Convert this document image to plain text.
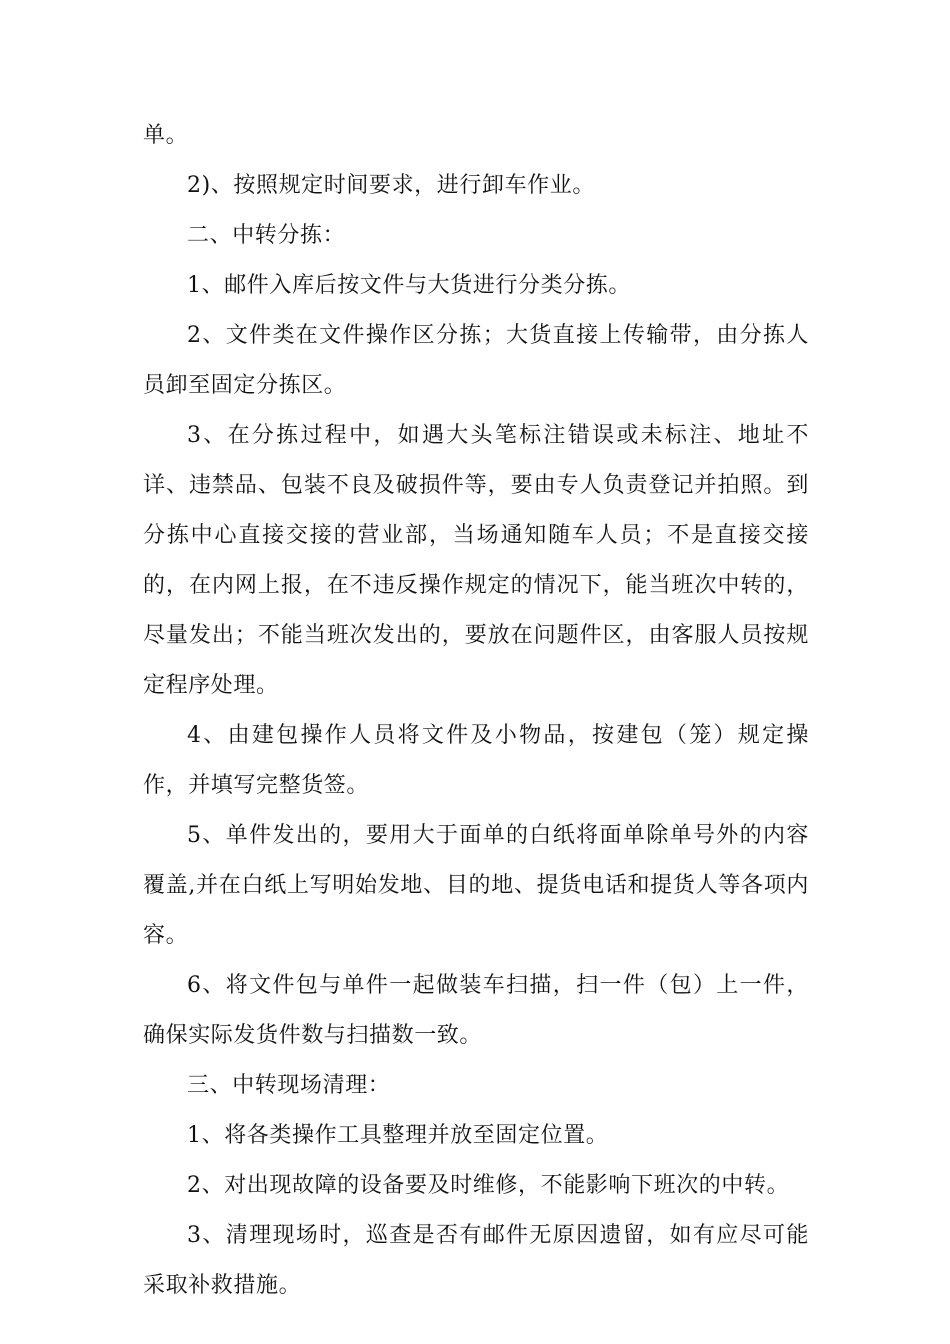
单。

2)、按照规定时间要求，进行卸车作业。

二、中转分拣：

1、邮件入库后按文件与大货进行分类分拣。

2、文件类在文件操作区分拣；大货直接上传输带，由分拣人员卸至固定分拣区。

3、在分拣过程中，如遇大头笔标注错误或未标注、地址不详、违禁品、包装不良及破损件等，要由专人负责登记并拍照。到分拣中心直接交接的营业部，当场通知随车人员；不是直接交接的，在内网上报，在不违反操作规定的情况下，能当班次中转的，尽量发出；不能当班次发出的，要放在问题件区，由客服人员按规定程序处理。

4、由建包操作人员将文件及小物品，按建包（笼）规定操作，并填写完整货签。

5、单件发出的，要用大于面单的白纸将面单除单号外的内容覆盖,并在白纸上写明始发地、目的地、提货电话和提货人等各项内容。

6、将文件包与单件一起做装车扫描，扫一件（包）上一件，确保实际发货件数与扫描数一致。

三、中转现场清理：

1、将各类操作工具整理并放至固定位置。

2、对出现故障的设备要及时维修，不能影响下班次的中转。

3、清理现场时，巡查是否有邮件无原因遗留，如有应尽可能采取补救措施。
